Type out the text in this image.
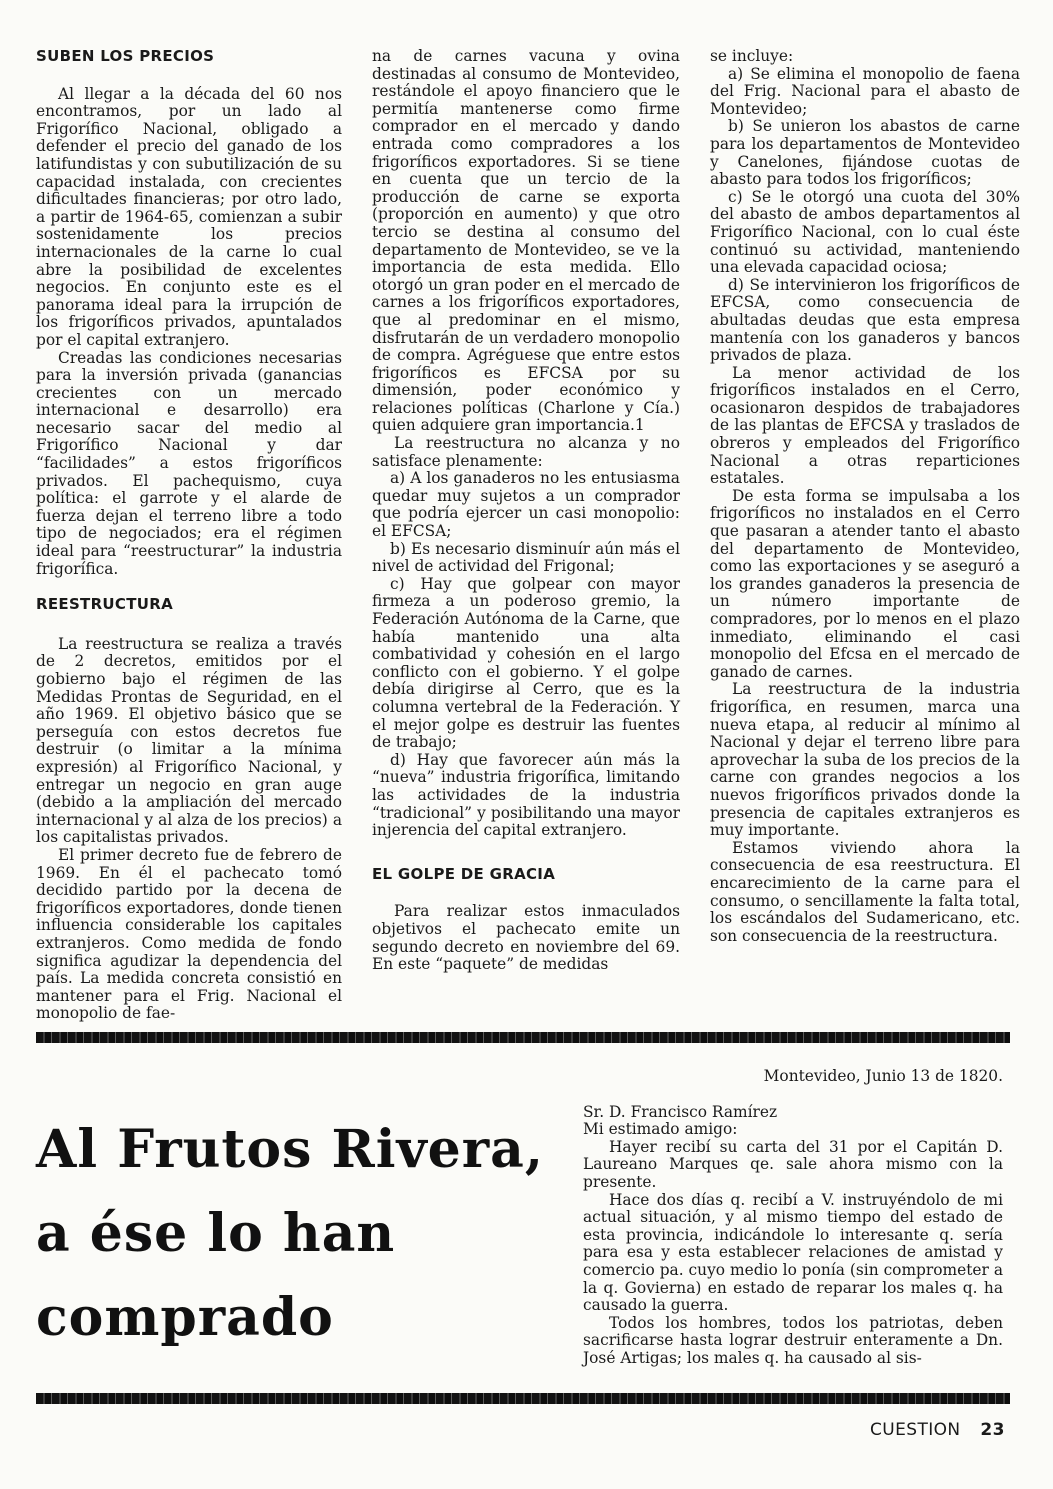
SUBEN LOS PRECIOS

Al llegar a la década del 60 nos encontramos, por un lado al Frigorífico Nacional, obligado a defender el precio del ganado de los latifundistas y con subutilización de su capacidad instalada, con crecientes dificultades financieras; por otro lado, a partir de 1964-65, comienzan a subir sostenidamente los precios internacionales de la carne lo cual abre la posibilidad de excelentes negocios. En conjunto este es el panorama ideal para la irrupción de los frigoríficos privados, apuntalados por el capital extranjero.

Creadas las condiciones necesarias para la inversión privada (ganancias crecientes con un mercado internacional e desarrollo) era necesario sacar del medio al Frigorífico Nacional y dar “facilidades” a estos frigoríficos privados. El pachequismo, cuya política: el garrote y el alarde de fuerza dejan el terreno libre a todo tipo de negociados; era el régimen ideal para “reestructurar” la industria frigorífica.

REESTRUCTURA

La reestructura se realiza a través de 2 decretos, emitidos por el gobierno bajo el régimen de las Medidas Prontas de Seguridad, en el año 1969. El objetivo básico que se perseguía con estos decretos fue destruir (o limitar a la mínima expresión) al Frigorífico Nacional, y entregar un negocio en gran auge (debido a la ampliación del mercado internacional y al alza de los precios) a los capitalistas privados.

El primer decreto fue de febrero de 1969. En él el pachecato tomó decidido partido por la decena de frigoríficos exportadores, donde tienen influencia considerable los capitales extranjeros. Como medida de fondo significa agudizar la dependencia del país. La medida concreta consistió en mantener para el Frig. Nacional el monopolio de fae-

na de carnes vacuna y ovina destinadas al consumo de Montevideo, restándole el apoyo financiero que le permitía mantenerse como firme comprador en el mercado y dando entrada como compradores a los frigoríficos exportadores. Si se tiene en cuenta que un tercio de la producción de carne se exporta (proporción en aumento) y que otro tercio se destina al consumo del departamento de Montevideo, se ve la importancia de esta medida. Ello otorgó un gran poder en el mercado de carnes a los frigoríficos exportadores, que al predominar en el mismo, disfrutarán de un verdadero monopolio de compra. Agréguese que entre estos frigoríficos es EFCSA por su dimensión, poder económico y relaciones políticas (Charlone y Cía.) quien adquiere gran importancia.1

La reestructura no alcanza y no satisface plenamente:

a) A los ganaderos no les entusiasma quedar muy sujetos a un comprador que podría ejercer un casi monopolio: el EFCSA;

b) Es necesario disminuír aún más el nivel de actividad del Frigonal;

c) Hay que golpear con mayor firmeza a un poderoso gremio, la Federación Autónoma de la Carne, que había mantenido una alta combatividad y cohesión en el largo conflicto con el gobierno. Y el golpe debía dirigirse al Cerro, que es la columna vertebral de la Federación. Y el mejor golpe es destruir las fuentes de trabajo;

d) Hay que favorecer aún más la “nueva” industria frigorífica, limitando las actividades de la industria “tradicional” y posibilitando una mayor injerencia del capital extranjero.

EL GOLPE DE GRACIA

Para realizar estos inmaculados objetivos el pachecato emite un segundo decreto en noviembre del 69. En este “paquete” de medidas

se incluye:

a) Se elimina el monopolio de faena del Frig. Nacional para el abasto de Montevideo;

b) Se unieron los abastos de carne para los departamentos de Montevideo y Canelones, fijándose cuotas de abasto para todos los frigoríficos;

c) Se le otorgó una cuota del 30% del abasto de ambos departamentos al Frigorífico Nacional, con lo cual éste continuó su actividad, manteniendo una elevada capacidad ociosa;

d) Se intervinieron los frigoríficos de EFCSA, como consecuencia de abultadas deudas que esta empresa mantenía con los ganaderos y bancos privados de plaza.

La menor actividad de los frigoríficos instalados en el Cerro, ocasionaron despidos de trabajadores de las plantas de EFCSA y traslados de obreros y empleados del Frigorífico Nacional a otras reparticiones estatales.

De esta forma se impulsaba a los frigoríficos no instalados en el Cerro que pasaran a atender tanto el abasto del departamento de Montevideo, como las exportaciones y se aseguró a los grandes ganaderos la presencia de un número importante de compradores, por lo menos en el plazo inmediato, eliminando el casi monopolio del Efcsa en el mercado de ganado de carnes.

La reestructura de la industria frigorífica, en resumen, marca una nueva etapa, al reducir al mínimo al Nacional y dejar el terreno libre para aprovechar la suba de los precios de la carne con grandes negocios a los nuevos frigoríficos privados donde la presencia de capitales extranjeros es muy importante.

Estamos viviendo ahora la consecuencia de esa reestructura. El encarecimiento de la carne para el consumo, o sencillamente la falta total, los escándalos del Sudamericano, etc. son consecuencia de la reestructura.

Al Frutos Rivera,
a ése lo han
comprado

Montevideo, Junio 13 de 1820.

Sr. D. Francisco Ramírez

Mi estimado amigo:

Hayer recibí su carta del 31 por el Capitán D. Laureano Marques qe. sale ahora mismo con la presente.

Hace dos días q. recibí a V. instruyéndolo de mi actual situación, y al mismo tiempo del estado de esta provincia, indicándole lo interesante q. sería para esa y esta establecer relaciones de amistad y comercio pa. cuyo medio lo ponía (sin comprometer a la q. Govierna) en estado de reparar los males q. ha causado la guerra.

Todos los hombres, todos los patriotas, deben sacrificarse hasta lograr destruir enteramente a Dn. José Artigas; los males q. ha causado al sis-

CUESTION 23
